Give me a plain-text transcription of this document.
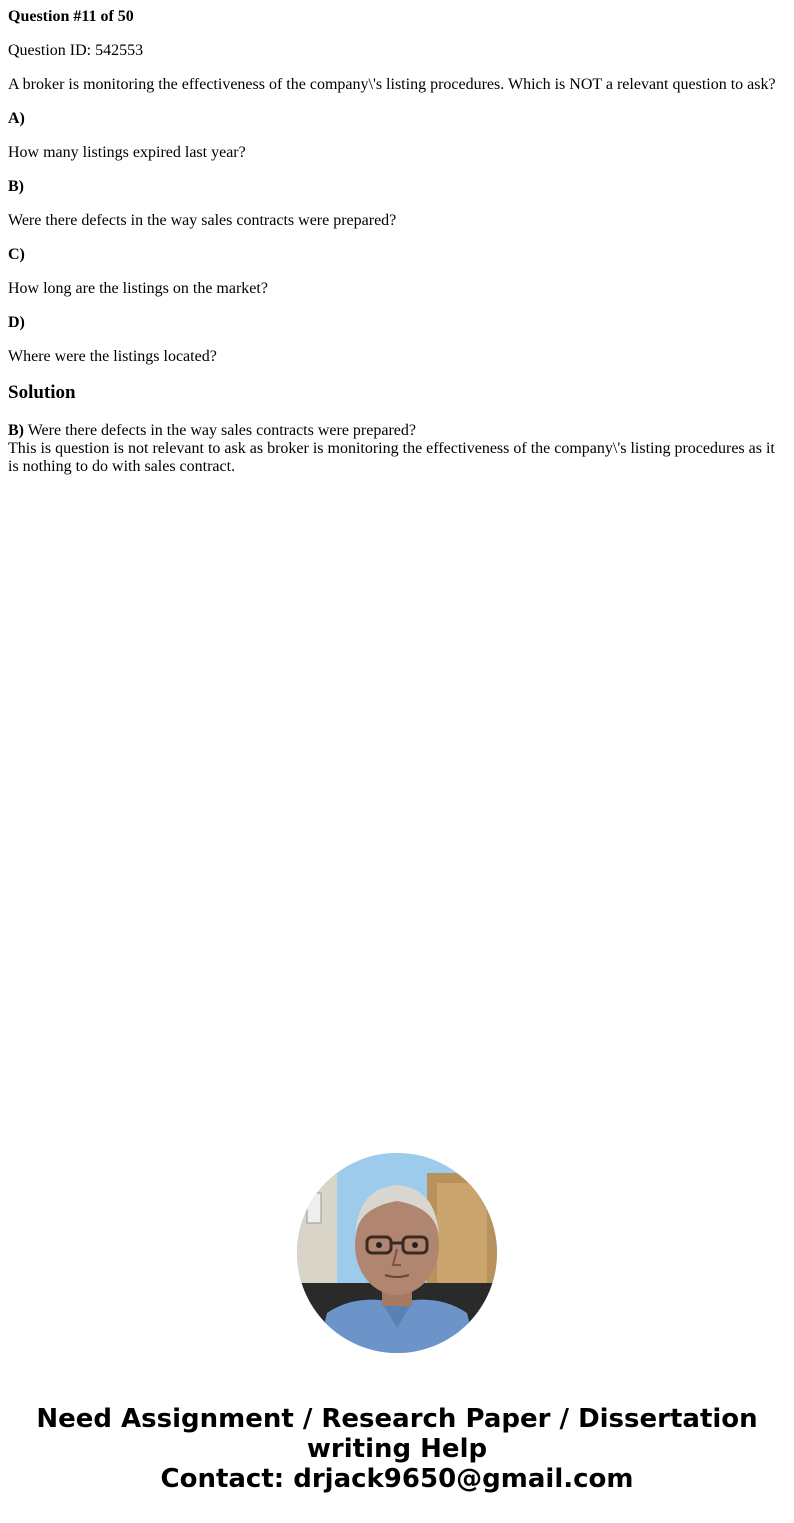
Question #11 of 50

Question ID: 542553

A broker is monitoring the effectiveness of the company\'s listing procedures. Which is NOT a relevant question to ask?

A)

How many listings expired last year?

B)

Were there defects in the way sales contracts were prepared?

C)

How long are the listings on the market?

D)

Where were the listings located?

Solution
B) Were there defects in the way sales contracts were prepared?
This is question is not relevant to ask as broker is monitoring the effectiveness of the company\'s listing procedures as it is nothing to do with sales contract.
Need Assignment / Research Paper / Dissertation writing Help
Contact: drjack9650@gmail.com
